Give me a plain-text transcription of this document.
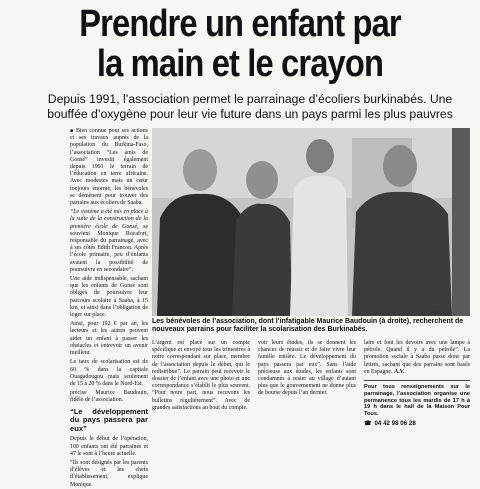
Prendre un enfant par
la main et le crayon

Depuis 1991, l’association permet le parrainage d’écoliers burkinabés. Une bouffée d’oxygène pour leur vie future dans un pays parmi les plus pauvres

■ Bien connue pour ses actions et ses travaux auprès de la population du Burkina-Faso, l’association “Les amis de Gonsé” investit également depuis 1991 le terrain de l’éducation en terre africaine. Avec modestes mais un cœur toujours énorme, les bénévoles se démènent pour trouver des parrains aux écoliers de Saaba.

“Le système a été mis en place à la suite de la construction de la première école de Gonsé, se souvient Monique Rocafort, responsable du parrainage, avec à ses côtés Edith Francon. Après l’école primaire, peu d’enfants avaient la possibilité de poursuivre en secondaire”.

Une aide indispensable, sachant que les enfants de Gonsé sont obligés de poursuivre leur parcours scolaire à Saaba, à 15 km, et ainsi dans l’obligation de loger sur place.

Ainsi, pour 192 € par an, les lecteurs et les autres peuvent aider un enfant à passer les obstacles et entrevoir un avenir meilleur.

Le taux de scolarisation est de 60 % dans la capitale Ouagadougou mais seulement de 15 à 20 % dans le Nord-Est.

précise Maurice Baudouin, fidèle de l’association.

“Le développement du pays passera par eux”

Depuis le début de l’opération, 100 enfants ont été parrainés et 47 le sont à l’heure actuelle.

“Ils sont désignés par les parents d’élèves et les chefs d’établissement, explique Monique.

Photo A.V.
Les bénévoles de l’association, dont l’infatigable Maurice Baudouin (à droite), recherchent de nouveaux parrains pour faciliter la scolarisation des Burkinabés.

L’argent est placé sur un compte spécifique et envoyé tous les trimestres à notre correspondant sur place, membre de l’association depuis le début, qui le redistribue”. Le parrain peut recevoir le dossier de l’enfant avec une photo et une correspondance s’établit le plus souvent. “Pour notre part, nous recevons les bulletins régulièrement”. Avec de grandes satisfactions au bout du compte.

voir leurs études, ils se donnent les chances de réussir et de faire vivre leur famille entière. Le développement du pays passera par eux”. Sans l’aide précieuse aux études, les enfants sont condamnés à rester au village d’autant plus que le gouvernement ne donne plus de bourse depuis l’an dernier.

laire et font les devoirs avec une lampe à pétrole. Quand il y a du pétrole”. La promotion sociale à Saaba passe donc par lettres, sachant que des parrains sont basés en Espagne. A.V.

Pour tous renseignements sur le parrainage, l’association organise une permanence tous les mardis de 17 h à 19 h dans le hall de la Maison Pour Tous.
☎ 04 42 98 06 28
